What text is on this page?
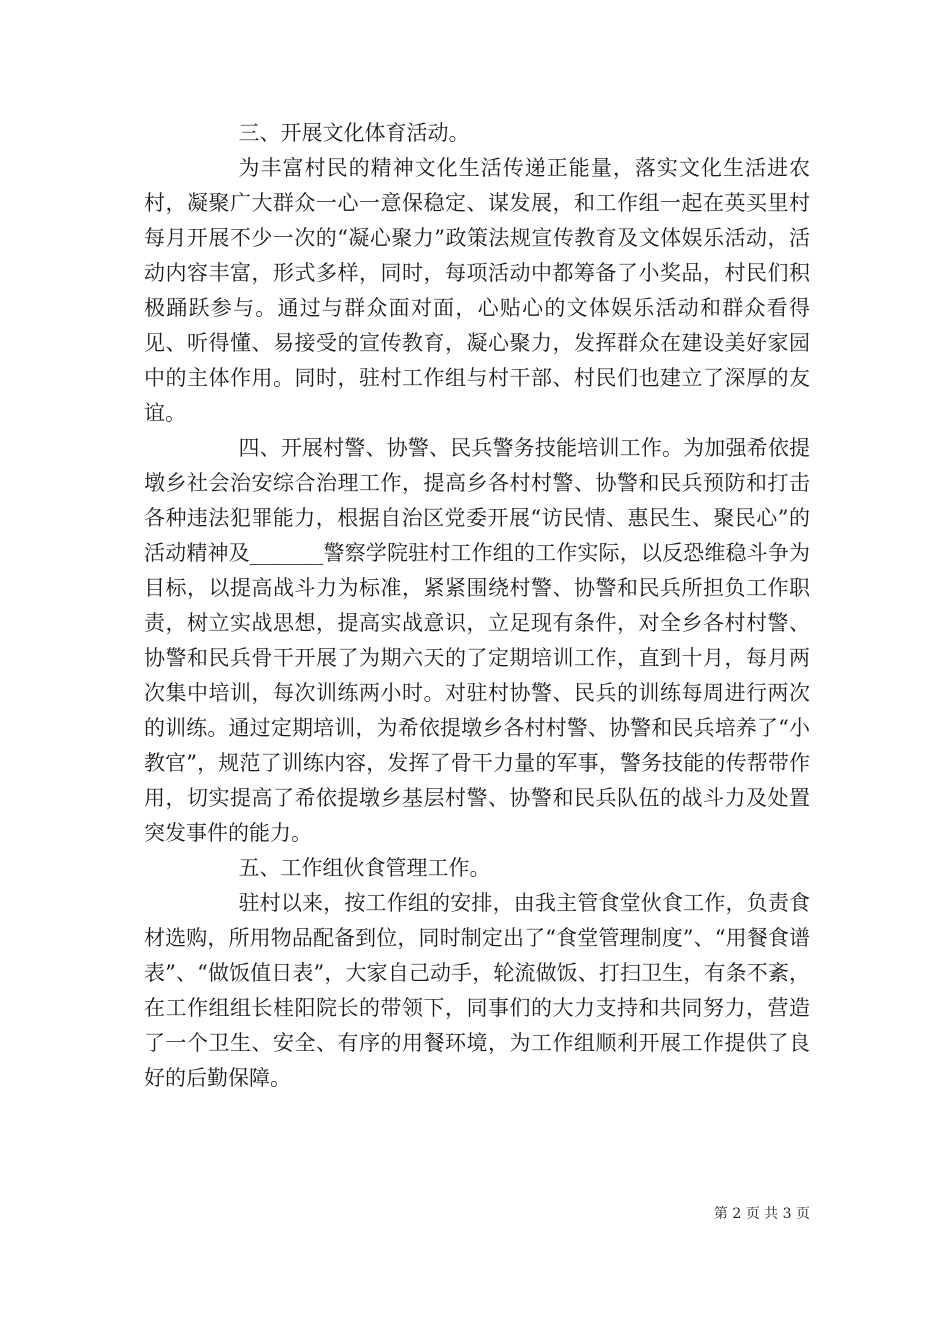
三、开展文化体育活动。

为丰富村民的精神文化生活传递正能量，落实文化生活进农村，凝聚广大群众一心一意保稳定、谋发展，和工作组一起在英买里村每月开展不少一次的“凝心聚力”政策法规宣传教育及文体娱乐活动，活动内容丰富，形式多样，同时，每项活动中都筹备了小奖品，村民们积极踊跃参与。通过与群众面对面，心贴心的文体娱乐活动和群众看得见、听得懂、易接受的宣传教育，凝心聚力，发挥群众在建设美好家园中的主体作用。同时，驻村工作组与村干部、村民们也建立了深厚的友谊。

四、开展村警、协警、民兵警务技能培训工作。为加强希依提墩乡社会治安综合治理工作，提高乡各村村警、协警和民兵预防和打击各种违法犯罪能力，根据自治区党委开展“访民情、惠民生、聚民心”的活动精神及_______警察学院驻村工作组的工作实际，以反恐维稳斗争为目标，以提高战斗力为标准，紧紧围绕村警、协警和民兵所担负工作职责，树立实战思想，提高实战意识，立足现有条件，对全乡各村村警、协警和民兵骨干开展了为期六天的了定期培训工作，直到十月，每月两次集中培训，每次训练两小时。对驻村协警、民兵的训练每周进行两次的训练。通过定期培训，为希依提墩乡各村村警、协警和民兵培养了“小教官”，规范了训练内容，发挥了骨干力量的军事，警务技能的传帮带作用，切实提高了希依提墩乡基层村警、协警和民兵队伍的战斗力及处置突发事件的能力。

五、工作组伙食管理工作。

驻村以来，按工作组的安排，由我主管食堂伙食工作，负责食材选购，所用物品配备到位，同时制定出了“食堂管理制度”、“用餐食谱表”、“做饭值日表”，大家自己动手，轮流做饭、打扫卫生，有条不紊，在工作组组长桂阳院长的带领下，同事们的大力支持和共同努力，营造了一个卫生、安全、有序的用餐环境，为工作组顺利开展工作提供了良好的后勤保障。

第 2 页 共 3 页
